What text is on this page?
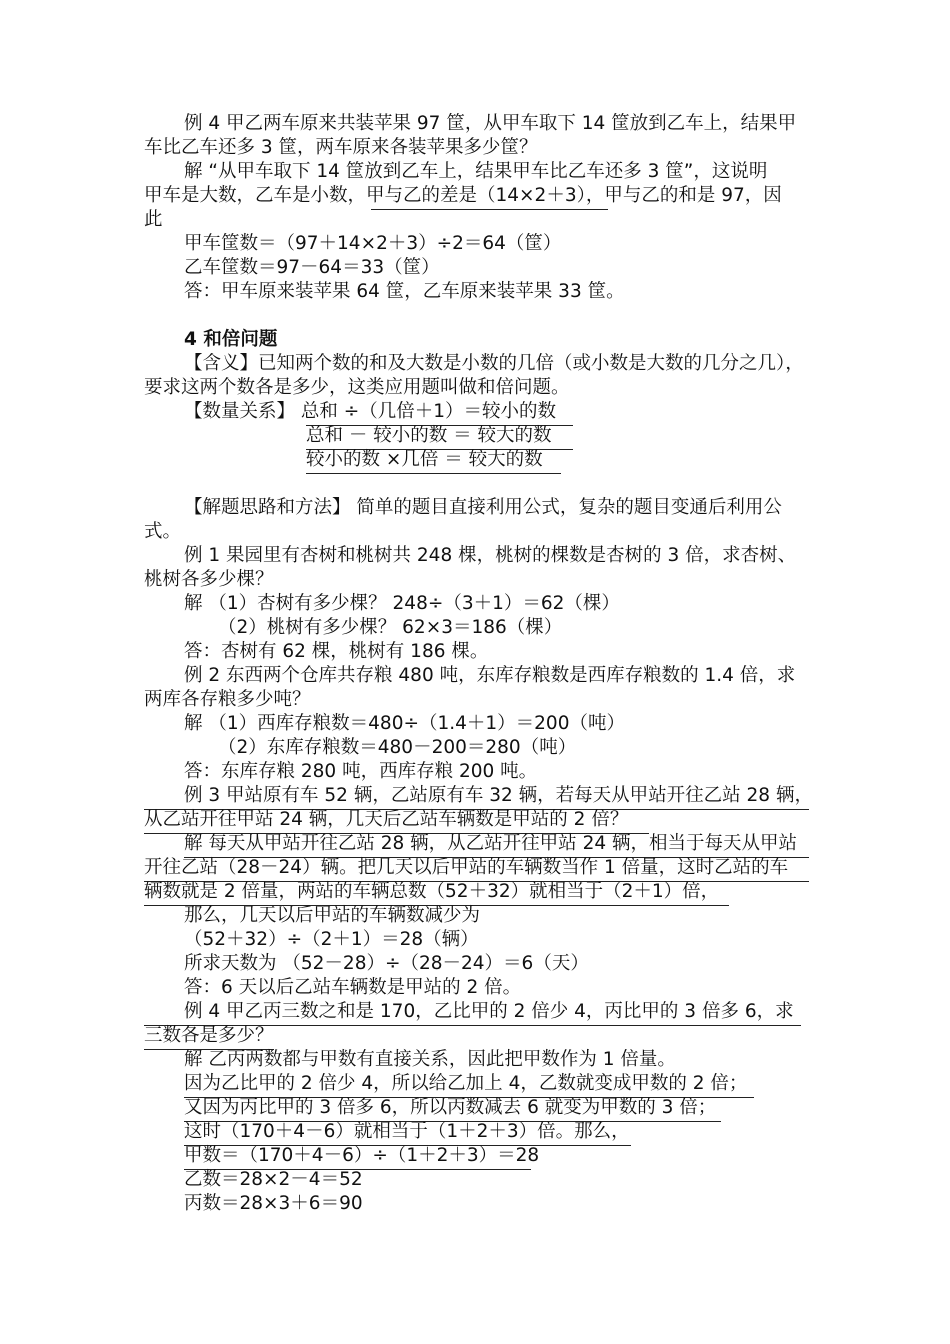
例 4 甲乙两车原来共装苹果 97 筐，从甲车取下 14 筐放到乙车上，结果甲
车比乙车还多 3 筐，两车原来各装苹果多少筐？
解 “从甲车取下 14 筐放到乙车上，结果甲车比乙车还多 3 筐”，这说明
甲车是大数，乙车是小数，甲与乙的差是（14×2＋3），甲与乙的和是 97，因
此
甲车筐数＝（97＋14×2＋3）÷2＝64（筐）
乙车筐数＝97－64＝33（筐）
答：甲车原来装苹果 64 筐，乙车原来装苹果 33 筐。
4 和倍问题
【含义】已知两个数的和及大数是小数的几倍（或小数是大数的几分之几），
要求这两个数各是多少，这类应用题叫做和倍问题。
【数量关系】 总和 ÷（几倍＋1）＝较小的数
总和 － 较小的数 ＝ 较大的数
较小的数 ×几倍 ＝ 较大的数
【解题思路和方法】 简单的题目直接利用公式，复杂的题目变通后利用公
式。
例 1 果园里有杏树和桃树共 248 棵，桃树的棵数是杏树的 3 倍，求杏树、
桃树各多少棵？
解 （1）杏树有多少棵？ 248÷（3＋1）＝62（棵）
（2）桃树有多少棵？ 62×3＝186（棵）
答：杏树有 62 棵，桃树有 186 棵。
例 2 东西两个仓库共存粮 480 吨，东库存粮数是西库存粮数的 1.4 倍，求
两库各存粮多少吨？
解 （1）西库存粮数＝480÷（1.4＋1）＝200（吨）
（2）东库存粮数＝480－200＝280（吨）
答：东库存粮 280 吨，西库存粮 200 吨。
例 3 甲站原有车 52 辆，乙站原有车 32 辆，若每天从甲站开往乙站 28 辆，
从乙站开往甲站 24 辆，几天后乙站车辆数是甲站的 2 倍？
解 每天从甲站开往乙站 28 辆，从乙站开往甲站 24 辆，相当于每天从甲站
开往乙站（28－24）辆。把几天以后甲站的车辆数当作 1 倍量，这时乙站的车
辆数就是 2 倍量，两站的车辆总数（52＋32）就相当于（2＋1）倍，
那么，几天以后甲站的车辆数减少为
（52＋32）÷（2＋1）＝28（辆）
所求天数为 （52－28）÷（28－24）＝6（天）
答：6 天以后乙站车辆数是甲站的 2 倍。
例 4 甲乙丙三数之和是 170，乙比甲的 2 倍少 4，丙比甲的 3 倍多 6，求
三数各是多少？
解 乙丙两数都与甲数有直接关系，因此把甲数作为 1 倍量。
因为乙比甲的 2 倍少 4，所以给乙加上 4，乙数就变成甲数的 2 倍；
又因为丙比甲的 3 倍多 6，所以丙数减去 6 就变为甲数的 3 倍；
这时（170＋4－6）就相当于（1＋2＋3）倍。那么，
甲数＝（170＋4－6）÷（1＋2＋3）＝28
乙数＝28×2－4＝52
丙数＝28×3＋6＝90
